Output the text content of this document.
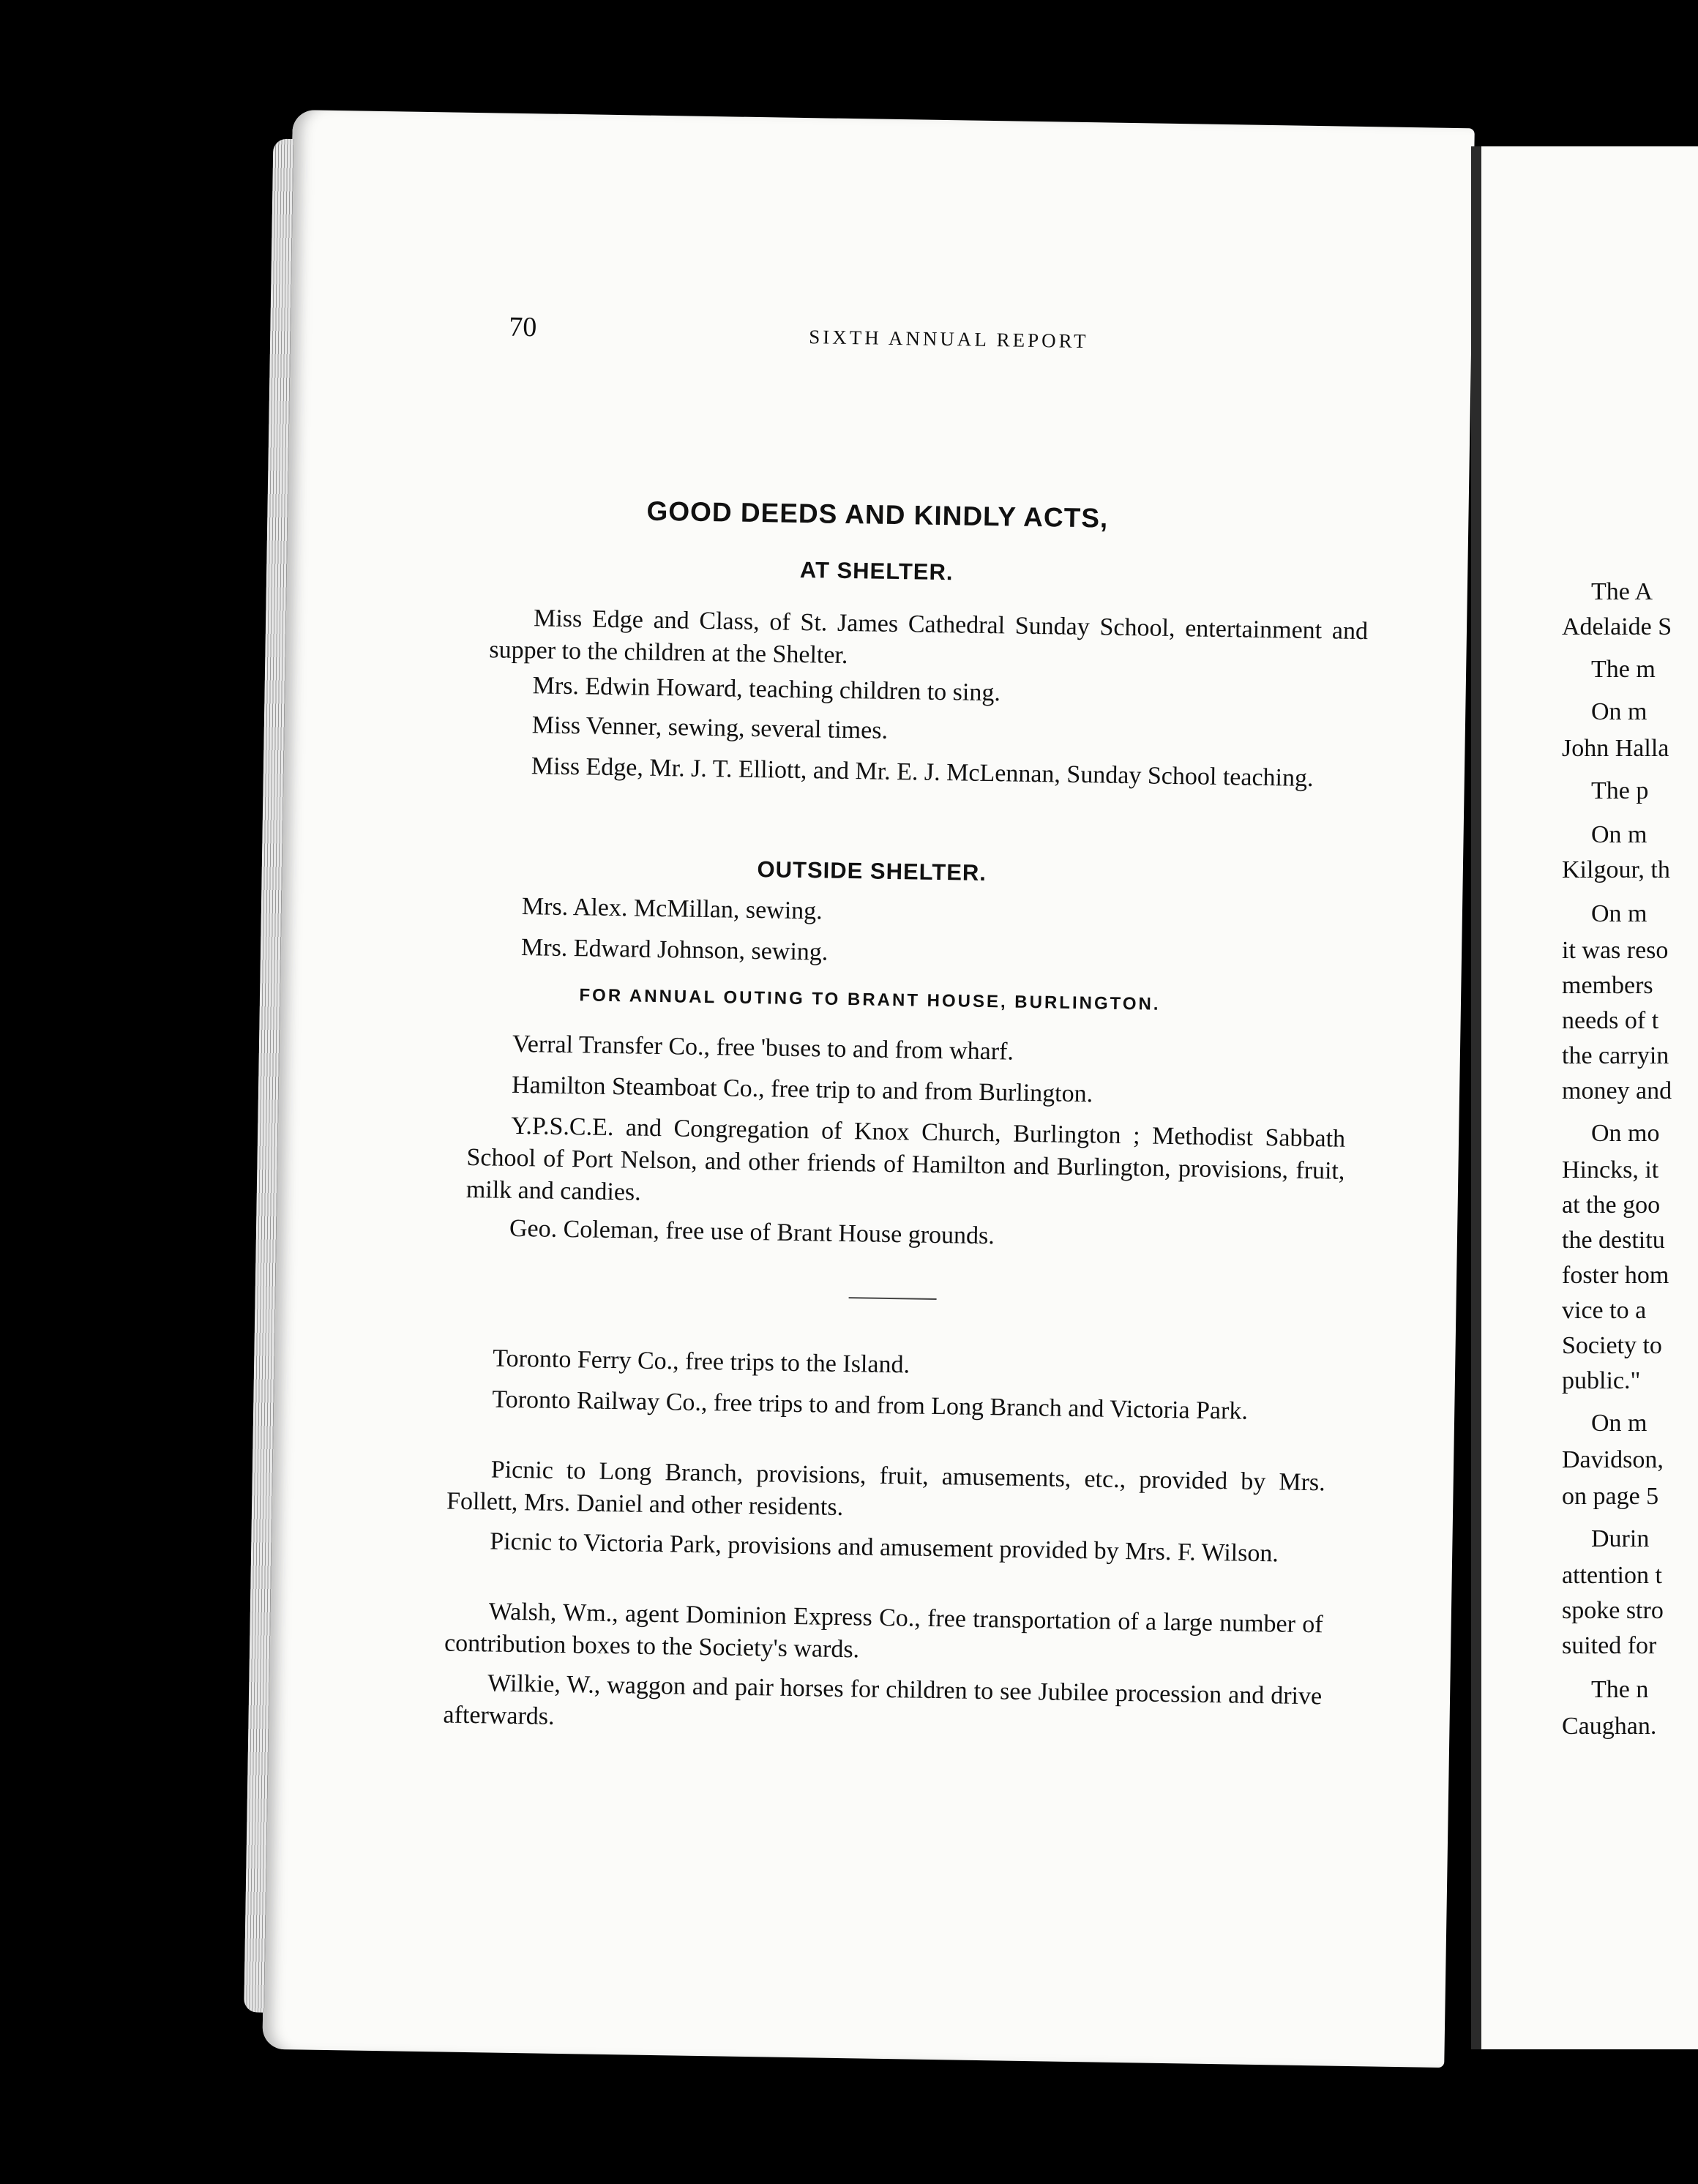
70	SIXTH ANNUAL REPORT
GOOD DEEDS AND KINDLY ACTS,
AT SHELTER.
Miss Edge and Class, of St. James Cathedral Sunday School, entertainment and supper to the children at the Shelter.
Mrs. Edwin Howard, teaching children to sing.
Miss Venner, sewing, several times.
Miss Edge, Mr. J. T. Elliott, and Mr. E. J. McLennan, Sunday School teaching.
OUTSIDE SHELTER.
Mrs. Alex. McMillan, sewing.
Mrs. Edward Johnson, sewing.
FOR ANNUAL OUTING TO BRANT HOUSE, BURLINGTON.
Verral Transfer Co., free 'buses to and from wharf.
Hamilton Steamboat Co., free trip to and from Burlington.
Y.P.S.C.E. and Congregation of Knox Church, Burlington ; Methodist Sabbath School of Port Nelson, and other friends of Hamilton and Burlington, provisions, fruit, milk and candies.
Geo. Coleman, free use of Brant House grounds.
Toronto Ferry Co., free trips to the Island.
Toronto Railway Co., free trips to and from Long Branch and Victoria Park.
Picnic to Long Branch, provisions, fruit, amusements, etc., provided by Mrs. Follett, Mrs. Daniel and other residents.
Picnic to Victoria Park, provisions and amusement provided by Mrs. F. Wilson.
Walsh, Wm., agent Dominion Express Co., free transportation of a large number of contribution boxes to the Society's wards.
Wilkie, W., waggon and pair horses for children to see Jubilee procession and drive afterwards.
The A
Adelaide S
The m
On m
John Halla
The p
On m
Kilgour, th
On m
it was reso
members
needs of t
the carryin
money and
On mo
Hincks, it
at the goo
the destitu
foster hom
vice to a
Society to
public."
On m
Davidson,
on page 5
Durin
attention t
spoke stro
suited for
The n
Caughan.
